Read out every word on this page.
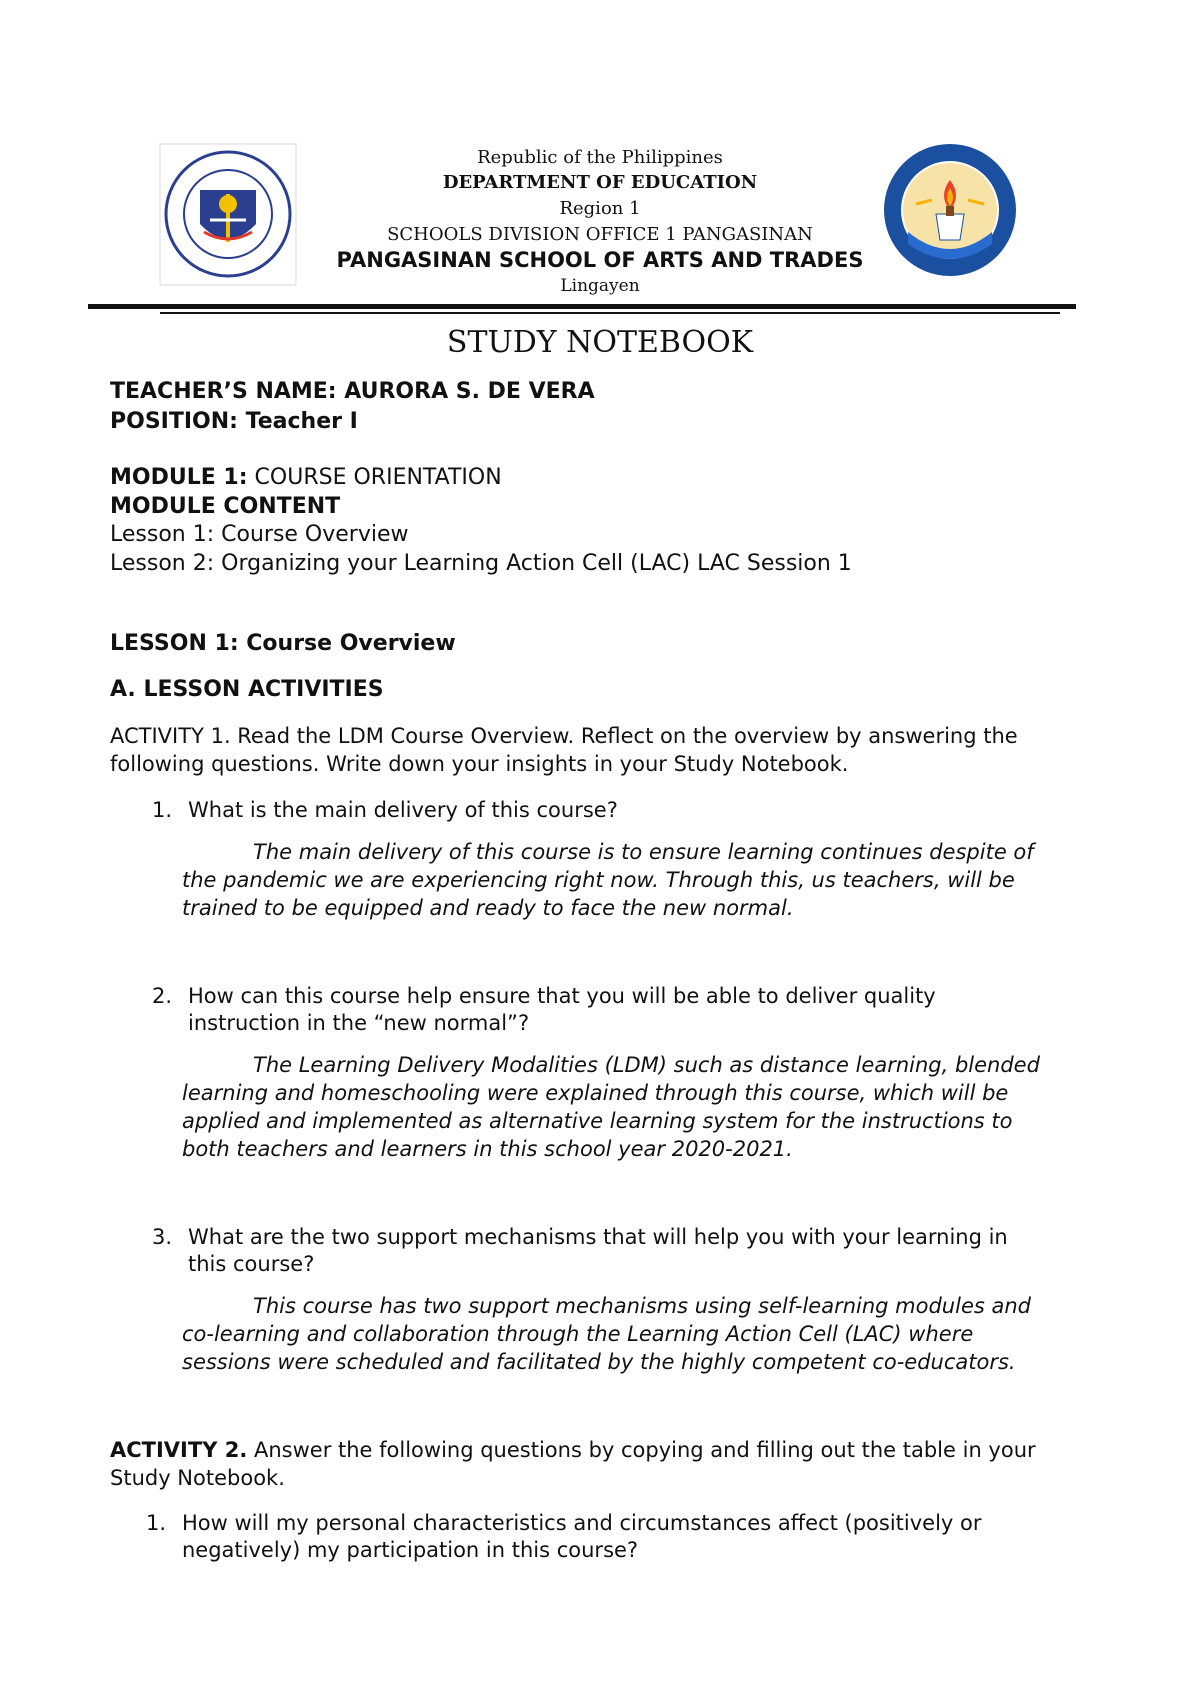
Republic of the Philippines
DEPARTMENT OF EDUCATION
Region 1
SCHOOLS DIVISION OFFICE 1 PANGASINAN
PANGASINAN SCHOOL OF ARTS AND TRADES
Lingayen
STUDY NOTEBOOK
TEACHER’S NAME: AURORA S. DE VERA
POSITION: Teacher I
MODULE 1: COURSE ORIENTATION
MODULE CONTENT
Lesson 1: Course Overview
Lesson 2: Organizing your Learning Action Cell (LAC) LAC Session 1
LESSON 1: Course Overview
A. LESSON ACTIVITIES
ACTIVITY 1. Read the LDM Course Overview. Reflect on the overview by answering the
following questions. Write down your insights in your Study Notebook.
1. What is the main delivery of this course?
The main delivery of this course is to ensure learning continues despite of
the pandemic we are experiencing right now. Through this, us teachers, will be
trained to be equipped and ready to face the new normal.
2. How can this course help ensure that you will be able to deliver quality
instruction in the “new normal”?
The Learning Delivery Modalities (LDM) such as distance learning, blended
learning and homeschooling were explained through this course, which will be
applied and implemented as alternative learning system for the instructions to
both teachers and learners in this school year 2020-2021.
3. What are the two support mechanisms that will help you with your learning in
this course?
This course has two support mechanisms using self-learning modules and
co-learning and collaboration through the Learning Action Cell (LAC) where
sessions were scheduled and facilitated by the highly competent co-educators.
ACTIVITY 2. Answer the following questions by copying and filling out the table in your
Study Notebook.
1. How will my personal characteristics and circumstances affect (positively or
negatively) my participation in this course?
